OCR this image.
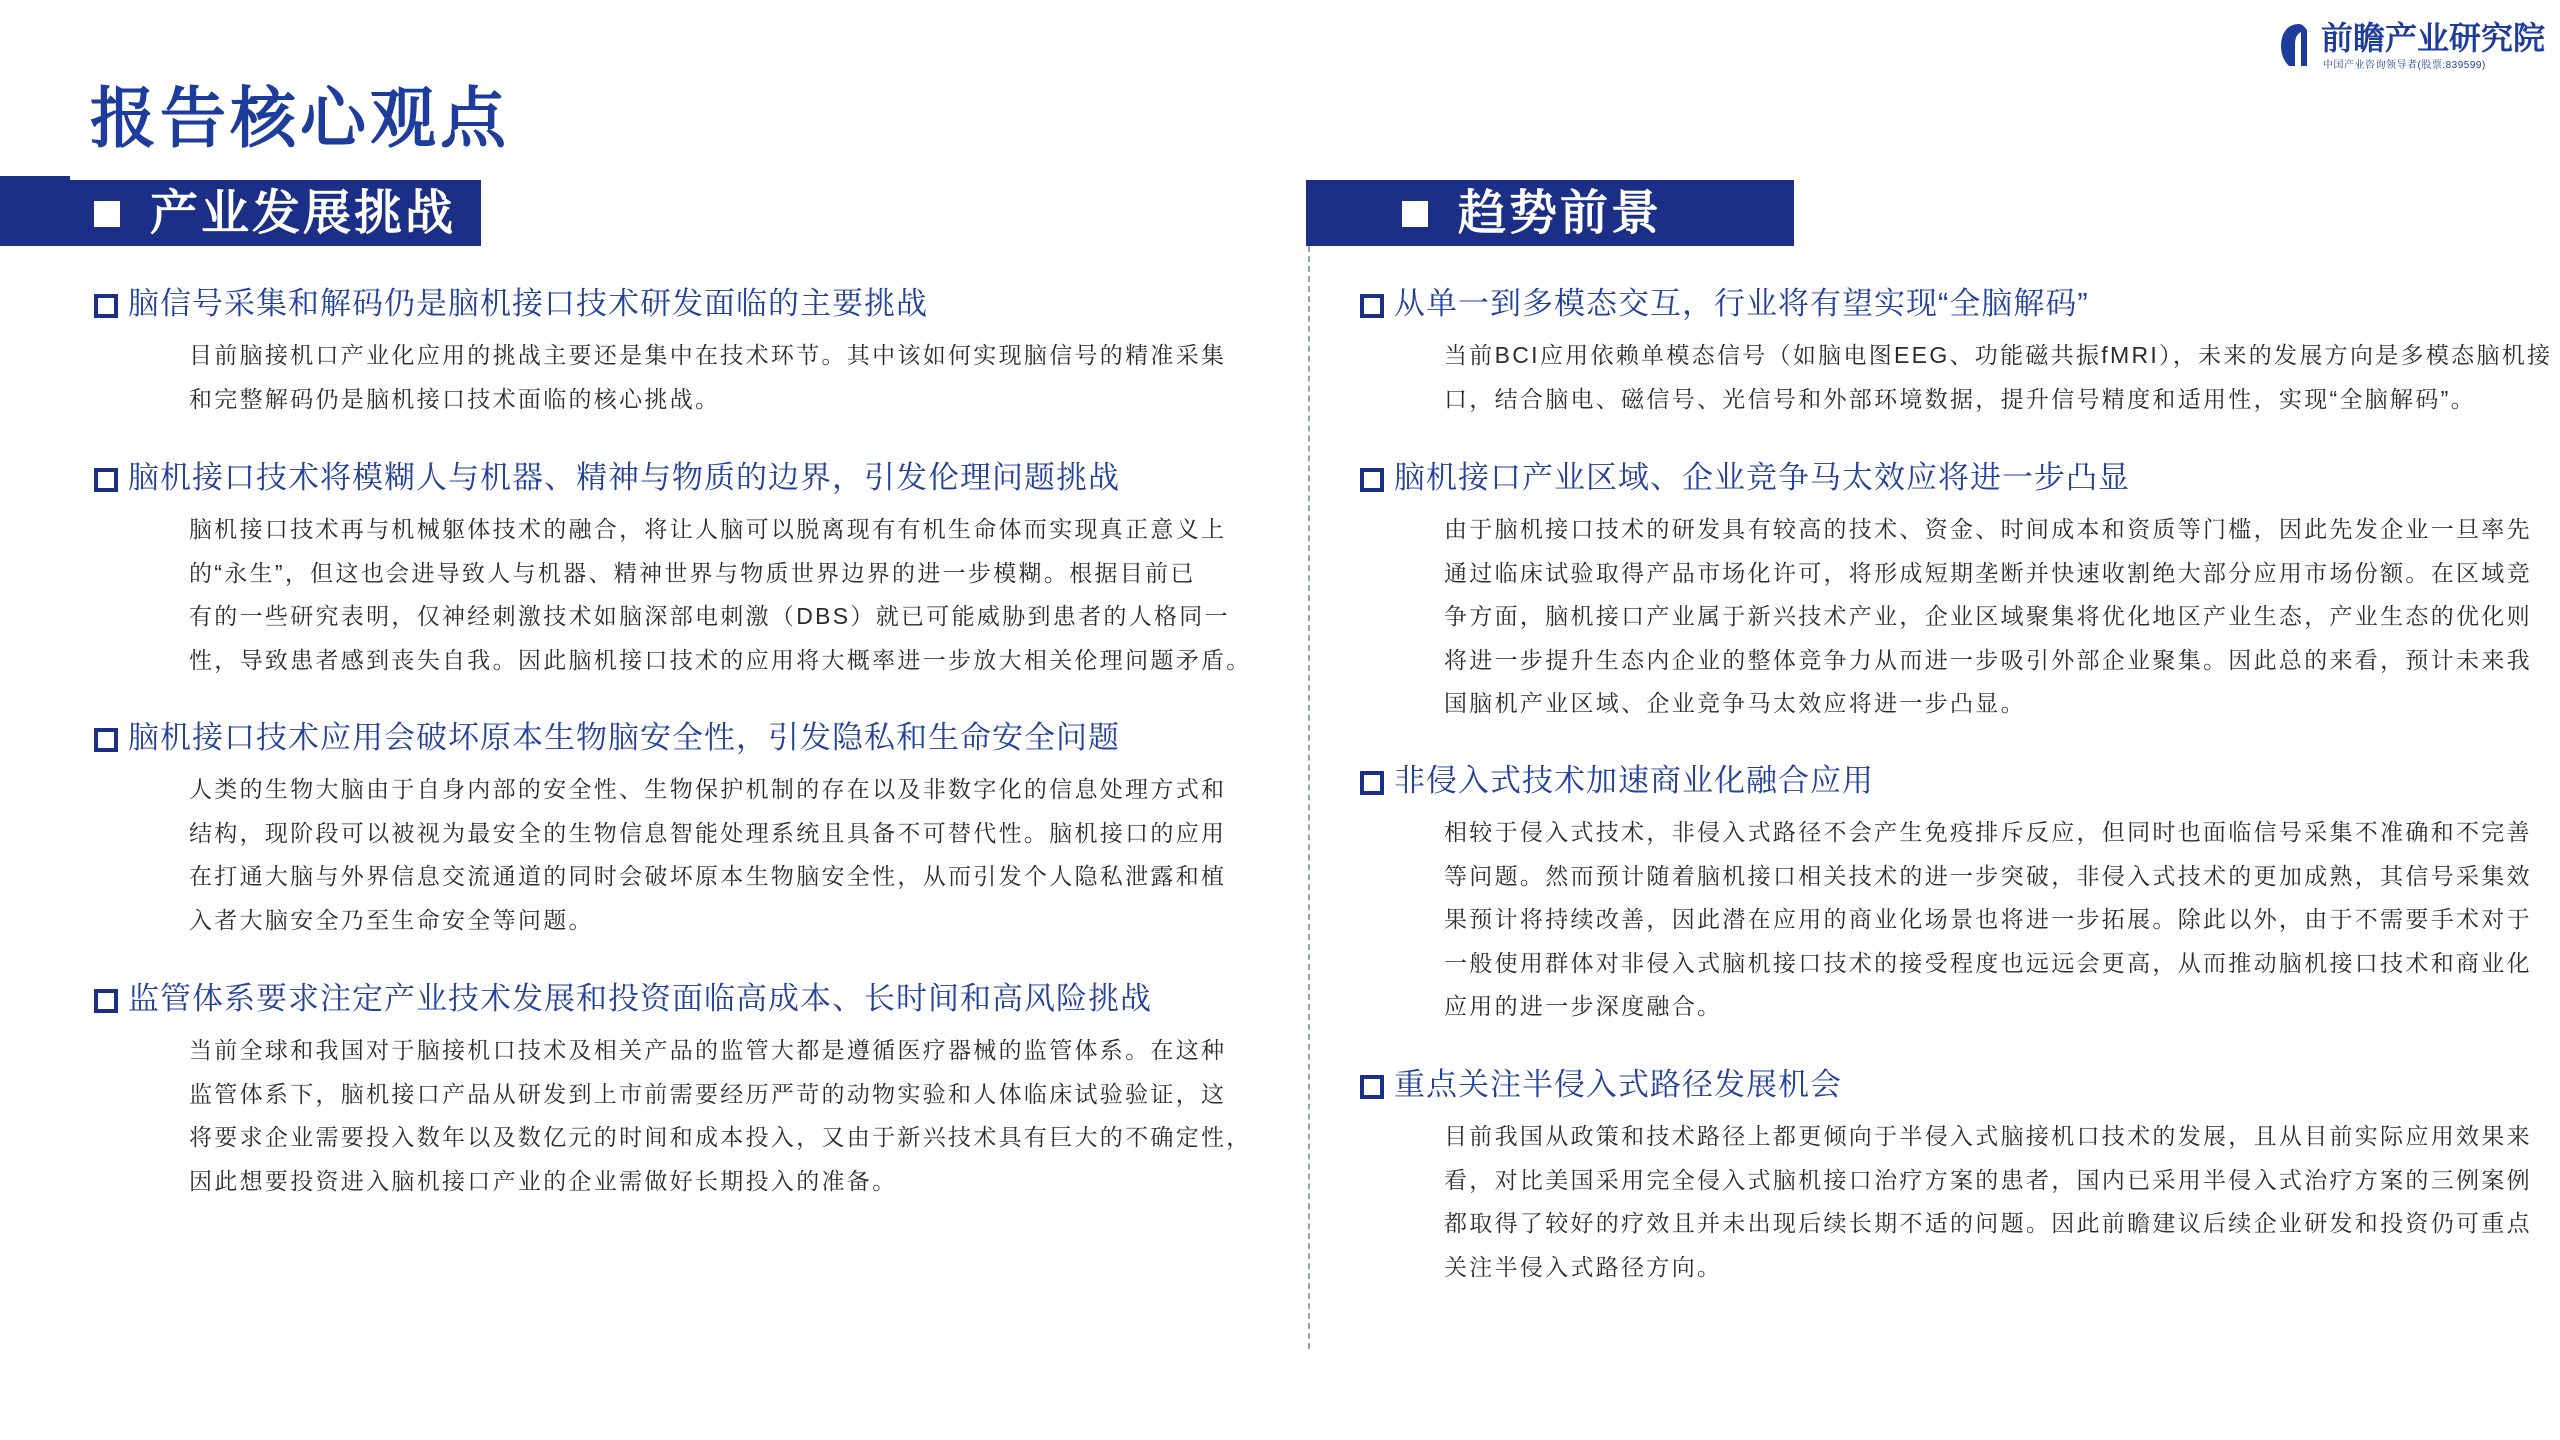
报告核心观点
前瞻产业研究院
中国产业咨询领导者(股票:839599)
产业发展挑战	趋势前景
脑信号采集和解码仍是脑机接口技术研发面临的主要挑战
目前脑接机口产业化应用的挑战主要还是集中在技术环节。其中该如何实现脑信号的精准采集
和完整解码仍是脑机接口技术面临的核心挑战。
脑机接口技术将模糊人与机器、精神与物质的边界，引发伦理问题挑战
脑机接口技术再与机械躯体技术的融合，将让人脑可以脱离现有有机生命体而实现真正意义上
的“永生”，但这也会进导致人与机器、精神世界与物质世界边界的进一步模糊。根据目前已
有的一些研究表明，仅神经刺激技术如脑深部电刺激（DBS）就已可能威胁到患者的人格同一
性，导致患者感到丧失自我。因此脑机接口技术的应用将大概率进一步放大相关伦理问题矛盾。
脑机接口技术应用会破坏原本生物脑安全性，引发隐私和生命安全问题
人类的生物大脑由于自身内部的安全性、生物保护机制的存在以及非数字化的信息处理方式和
结构，现阶段可以被视为最安全的生物信息智能处理系统且具备不可替代性。脑机接口的应用
在打通大脑与外界信息交流通道的同时会破坏原本生物脑安全性，从而引发个人隐私泄露和植
入者大脑安全乃至生命安全等问题。
监管体系要求注定产业技术发展和投资面临高成本、长时间和高风险挑战
当前全球和我国对于脑接机口技术及相关产品的监管大都是遵循医疗器械的监管体系。在这种
监管体系下，脑机接口产品从研发到上市前需要经历严苛的动物实验和人体临床试验验证，这
将要求企业需要投入数年以及数亿元的时间和成本投入，又由于新兴技术具有巨大的不确定性，
因此想要投资进入脑机接口产业的企业需做好长期投入的准备。
从单一到多模态交互，行业将有望实现“全脑解码”
当前BCI应用依赖单模态信号（如脑电图EEG、功能磁共振fMRI），未来的发展方向是多模态脑机接
口，结合脑电、磁信号、光信号和外部环境数据，提升信号精度和适用性，实现“全脑解码”。
脑机接口产业区域、企业竞争马太效应将进一步凸显
由于脑机接口技术的研发具有较高的技术、资金、时间成本和资质等门槛，因此先发企业一旦率先
通过临床试验取得产品市场化许可，将形成短期垄断并快速收割绝大部分应用市场份额。在区域竞
争方面，脑机接口产业属于新兴技术产业，企业区域聚集将优化地区产业生态，产业生态的优化则
将进一步提升生态内企业的整体竞争力从而进一步吸引外部企业聚集。因此总的来看，预计未来我
国脑机产业区域、企业竞争马太效应将进一步凸显。
非侵入式技术加速商业化融合应用
相较于侵入式技术，非侵入式路径不会产生免疫排斥反应，但同时也面临信号采集不准确和不完善
等问题。然而预计随着脑机接口相关技术的进一步突破，非侵入式技术的更加成熟，其信号采集效
果预计将持续改善，因此潜在应用的商业化场景也将进一步拓展。除此以外，由于不需要手术对于
一般使用群体对非侵入式脑机接口技术的接受程度也远远会更高，从而推动脑机接口技术和商业化
应用的进一步深度融合。
重点关注半侵入式路径发展机会
目前我国从政策和技术路径上都更倾向于半侵入式脑接机口技术的发展，且从目前实际应用效果来
看，对比美国采用完全侵入式脑机接口治疗方案的患者，国内已采用半侵入式治疗方案的三例案例
都取得了较好的疗效且并未出现后续长期不适的问题。因此前瞻建议后续企业研发和投资仍可重点
关注半侵入式路径方向。
